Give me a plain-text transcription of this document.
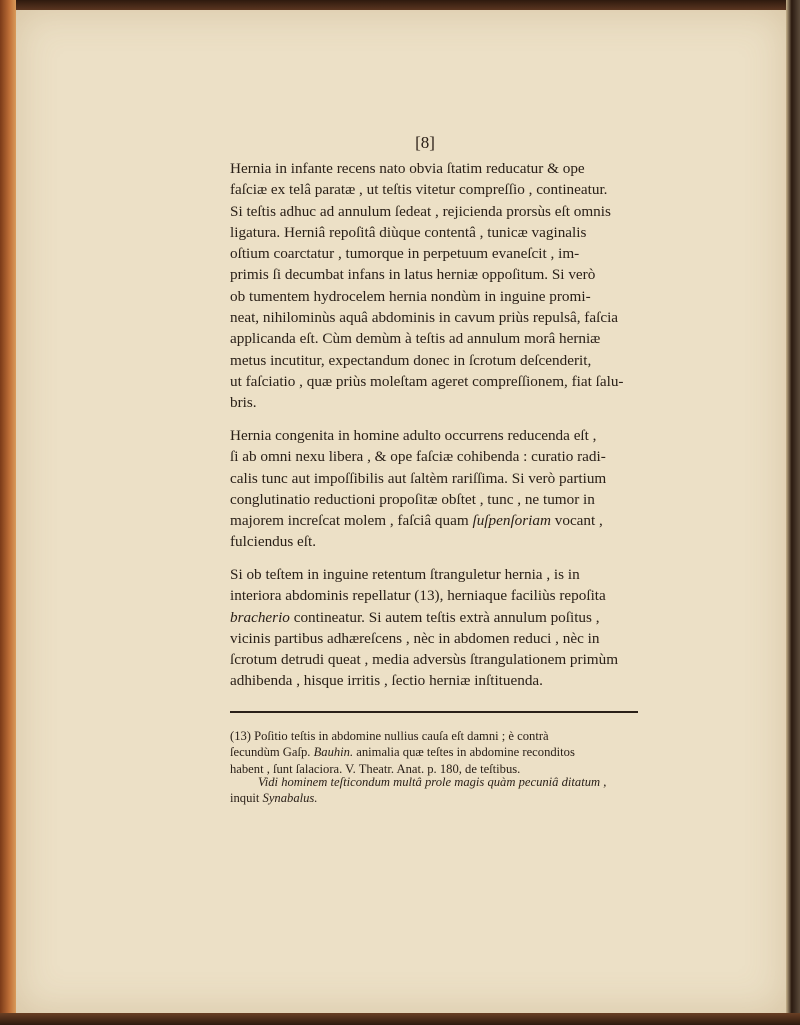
[8]
Hernia in infante recens nato obvia ſtatim reducatur & ope
faſciæ ex telâ paratæ , ut teſtis vitetur compreſſio , contineatur.
Si teſtis adhuc ad annulum ſedeat , rejicienda prorsùs eſt omnis
ligatura. Herniâ repoſitâ diùque contentâ , tunicæ vaginalis
oſtium coarctatur , tumorque in perpetuum evaneſcit , im-
primis ſi decumbat infans in latus herniæ oppoſitum. Si verò
ob tumentem hydrocelem hernia nondùm in inguine promi-
neat, nihilominùs aquâ abdominis in cavum priùs repulsâ, faſcia
applicanda eſt. Cùm demùm à teſtis ad annulum morâ herniæ
metus incutitur, expectandum donec in ſcrotum deſcenderit,
ut faſciatio , quæ priùs moleſtam ageret compreſſionem, fiat ſalu-
bris.
Hernia congenita in homine adulto occurrens reducenda eſt ,
ſi ab omni nexu libera , & ope faſciæ cohibenda : curatio radi-
calis tunc aut impoſſibilis aut ſaltèm rariſſima. Si verò partium
conglutinatio reductioni propoſitæ obſtet , tunc , ne tumor in
majorem increſcat molem , faſciâ quam ſuſpenſoriam vocant ,
fulciendus eſt.
Si ob teſtem in inguine retentum ſtranguletur hernia , is in
interiora abdominis repellatur (13), herniaque faciliùs repoſita
bracherio contineatur. Si autem teſtis extrà annulum poſitus ,
vicinis partibus adhæreſcens , nèc in abdomen reduci , nèc in
ſcrotum detrudi queat , media adversùs ſtrangulationem primùm
adhibenda , hisque irritis , ſectio herniæ inſtituenda.
(13) Poſitio teſtis in abdomine nullius cauſa eſt damni ; è contrà
ſecundùm Gaſp. Bauhin. animalia quæ teſtes in abdomine reconditos
habent , ſunt ſalaciora. V. Theatr. Anat. p. 180, de teſtibus.
Vidi hominem teſticondum multâ prole magis quàm pecuniâ ditatum ,
inquit Synabalus.
